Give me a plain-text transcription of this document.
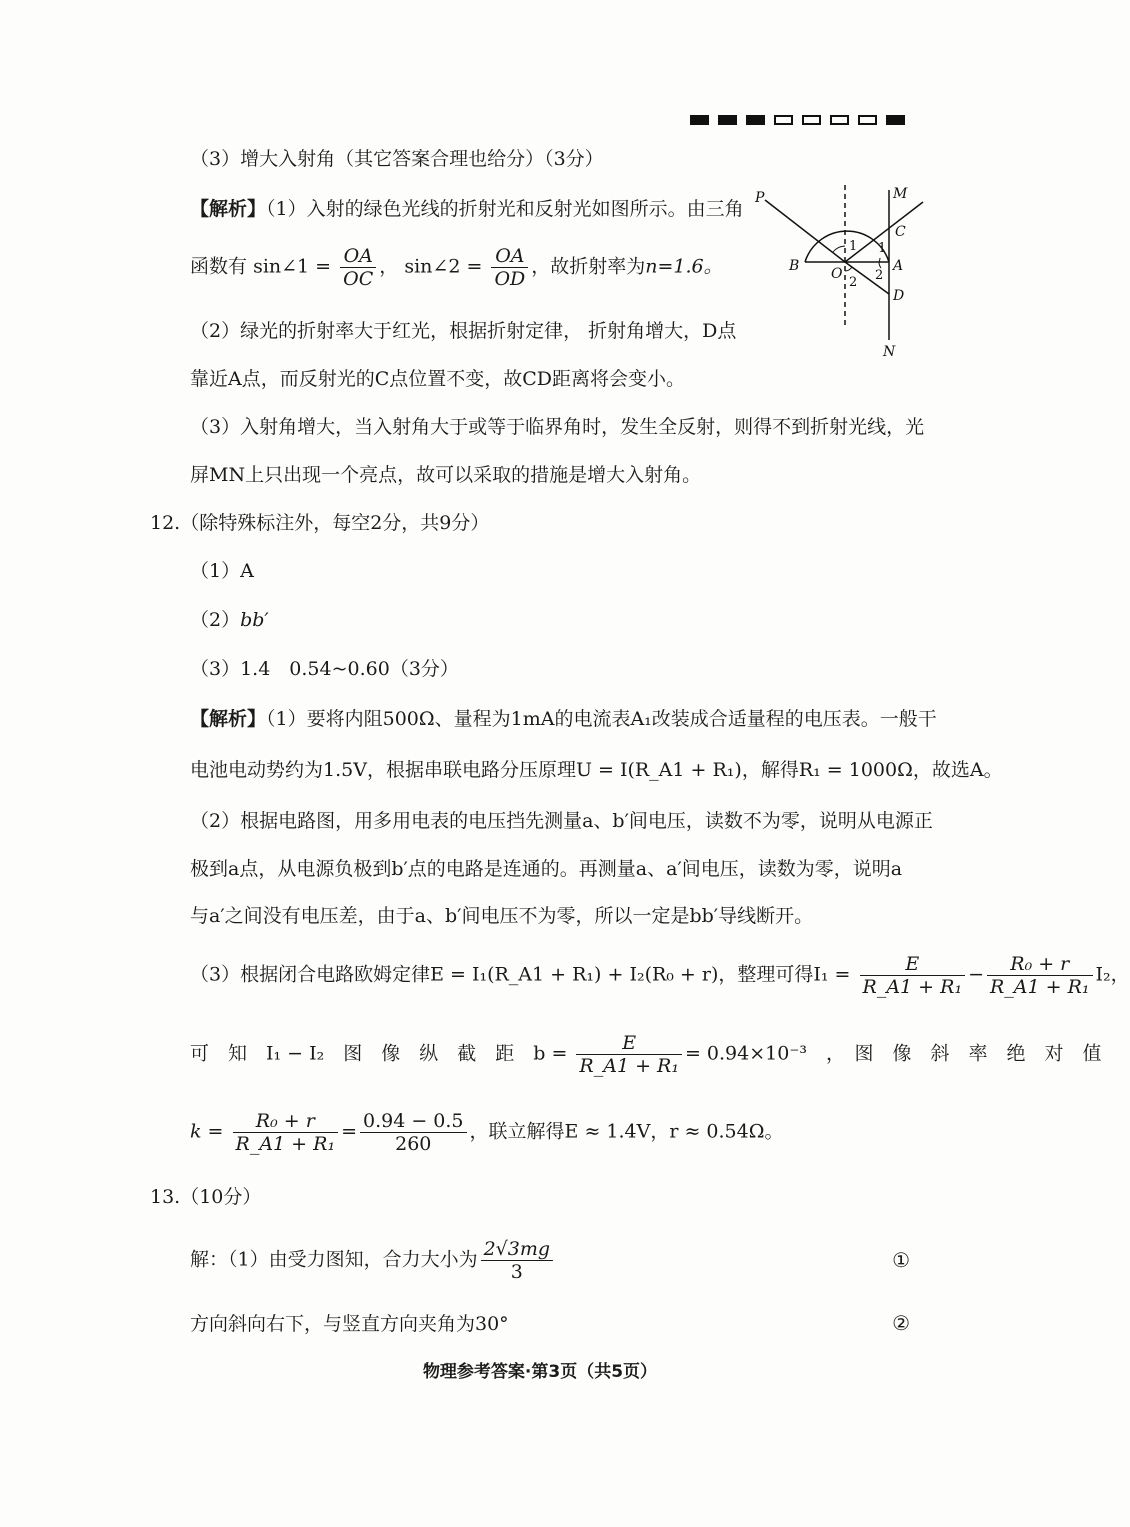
（3）增大入射角（其它答案合理也给分）（3分）
【解析】（1）入射的绿色光线的折射光和反射光如图所示。由三角
函数有 sin∠1 = $\frac{OA}{OC}$ ， sin∠2 = $\frac{OA}{OD}$ ，故折射率为n=1.6。
（2）绿光的折射率大于红光，根据折射定律， 折射角增大，D点
靠近A点，而反射光的C点位置不变，故CD距离将会变小。
（3）入射角增大，当入射角大于或等于临界角时，发生全反射，则得不到折射光线，光
屏MN上只出现一个亮点，故可以采取的措施是增大入射角。
P	M
C
B O	A
D
N
1 1
2 2
12.（除特殊标注外，每空2分，共9分）
（1）A
（2）bb′
（3）1.4　0.54~0.60（3分）
【解析】（1）要将内阻500Ω、量程为1mA的电流表A₁改装成合适量程的电压表。一般干
电池电动势约为1.5V，根据串联电路分压原理U = I(R_A1 + R₁)，解得R₁ = 1000Ω，故选A。
（2）根据电路图，用多用电表的电压挡先测量a、b′间电压，读数不为零，说明从电源正
极到a点，从电源负极到b′点的电路是连通的。再测量a、a′间电压，读数为零，说明a
与a′之间没有电压差，由于a、b′间电压不为零，所以一定是bb′导线断开。
（3）根据闭合电路欧姆定律E = I₁(R_A1 + R₁) + I₂(R₀ + r)，整理可得$I_1 = \frac{E}{\text{R\_A1 + R₁}} - \frac{\text{R₀ + r}}{\text{R\_A1 + R₁}} I_2$，
可　知　I₁ − I₂　图　像　纵　截　距　$b = \frac{E}{\text{R\_A1 + R₁}} = 0.94\times 10^{-3}$　，　图　像　斜　率　绝　对　值
$k = \frac{\text{R₀ + r}}{\text{R\_A1 + R₁}} = \frac{0.94 - 0.5}{260}$ ，联立解得E ≈ 1.4V，r ≈ 0.54Ω。
13.（10分）
解：（1）由受力图知，合力大小为 $\frac{2√3mg}{3}$	①
方向斜向右下，与竖直方向夹角为30°	②
物理参考答案·第3页（共5页）
